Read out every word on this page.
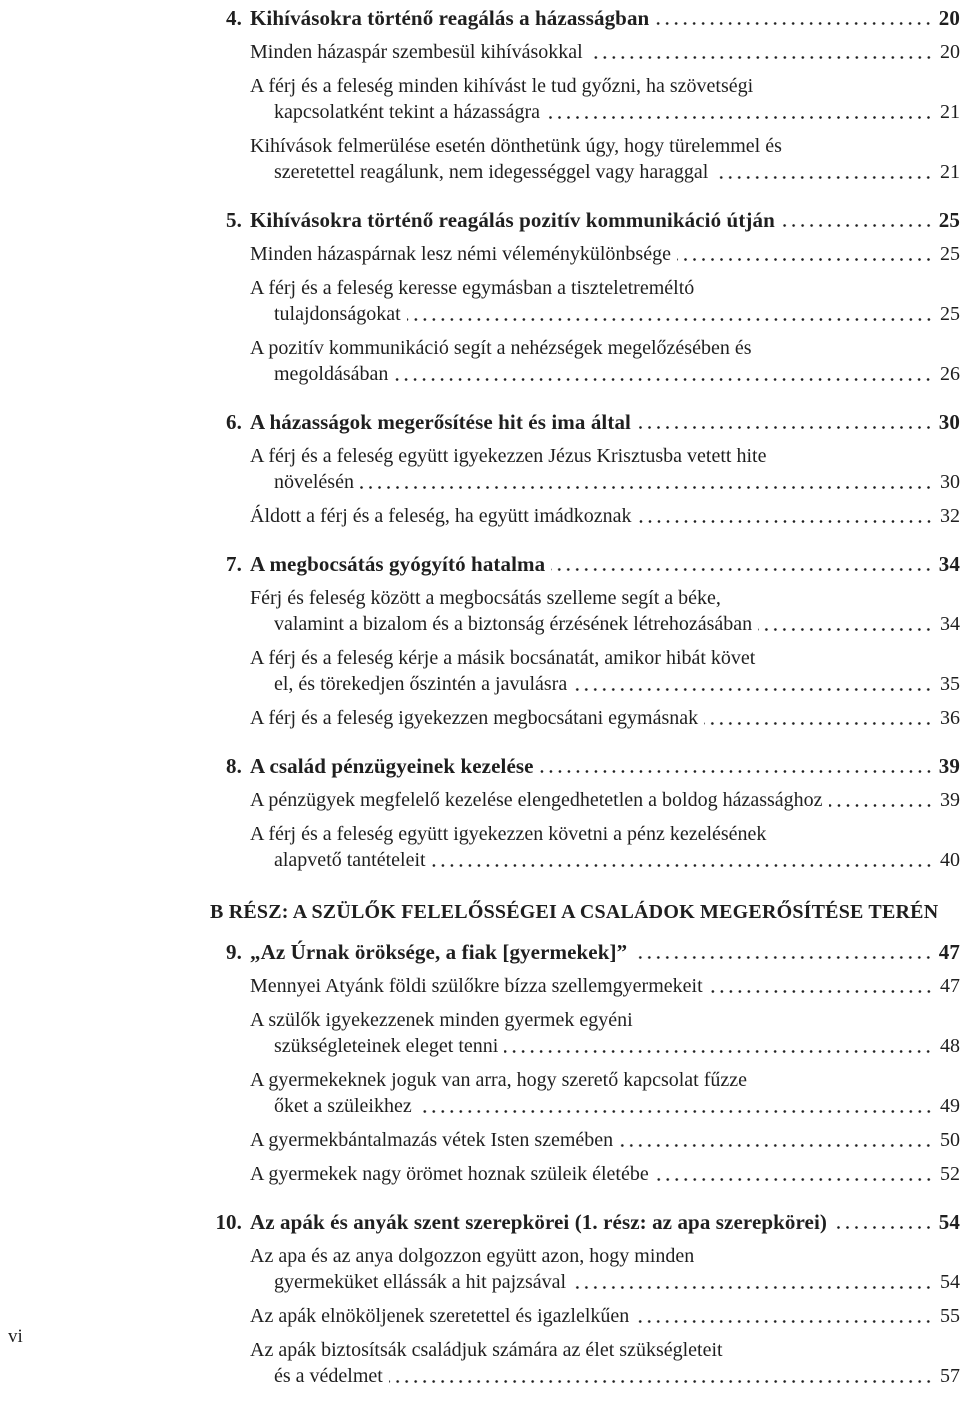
4. Kihívásokra történő reagálás a házasságban	20
Minden házaspár szembesül kihívásokkal	20
A férj és a feleség minden kihívást le tud győzni, ha szövetségi
kapcsolatként tekint a házasságra	21
Kihívások felmerülése esetén dönthetünk úgy, hogy türelemmel és
szeretettel reagálunk, nem idegességgel vagy haraggal	21
5. Kihívásokra történő reagálás pozitív kommunikáció útján	25
Minden házaspárnak lesz némi véleménykülönbsége	25
A férj és a feleség keresse egymásban a tiszteletreméltó
tulajdonságokat	25
A pozitív kommunikáció segít a nehézségek megelőzésében és
megoldásában	26
6. A házasságok megerősítése hit és ima által	30
A férj és a feleség együtt igyekezzen Jézus Krisztusba vetett hite
növelésén	30
Áldott a férj és a feleség, ha együtt imádkoznak	32
7. A megbocsátás gyógyító hatalma	34
Férj és feleség között a megbocsátás szelleme segít a béke,
valamint a bizalom és a biztonság érzésének létrehozásában	34
A férj és a feleség kérje a másik bocsánatát, amikor hibát követ
el, és törekedjen őszintén a javulásra	35
A férj és a feleség igyekezzen megbocsátani egymásnak	36
8. A család pénzügyeinek kezelése	39
A pénzügyek megfelelő kezelése elengedhetetlen a boldog házassághoz	39
A férj és a feleség együtt igyekezzen követni a pénz kezelésének
alapvető tantételeit	40
B RÉSZ: A SZÜLŐK FELELŐSSÉGEI A CSALÁDOK MEGERŐSÍTÉSE TERÉN
9. „Az Úrnak öröksége, a fiak [gyermekek]”	47
Mennyei Atyánk földi szülőkre bízza szellemgyermekeit	47
A szülők igyekezzenek minden gyermek egyéni
szükségleteinek eleget tenni	48
A gyermekeknek joguk van arra, hogy szerető kapcsolat fűzze
őket a szüleikhez	49
A gyermekbántalmazás vétek Isten szemében	50
A gyermekek nagy örömet hoznak szüleik életébe	52
10. Az apák és anyák szent szerepkörei (1. rész: az apa szerepkörei)	54
Az apa és az anya dolgozzon együtt azon, hogy minden
gyermeküket ellássák a hit pajzsával	54
Az apák elnököljenek szeretettel és igazlelkűen	55
Az apák biztosítsák családjuk számára az élet szükségleteit
és a védelmet	57
vi
